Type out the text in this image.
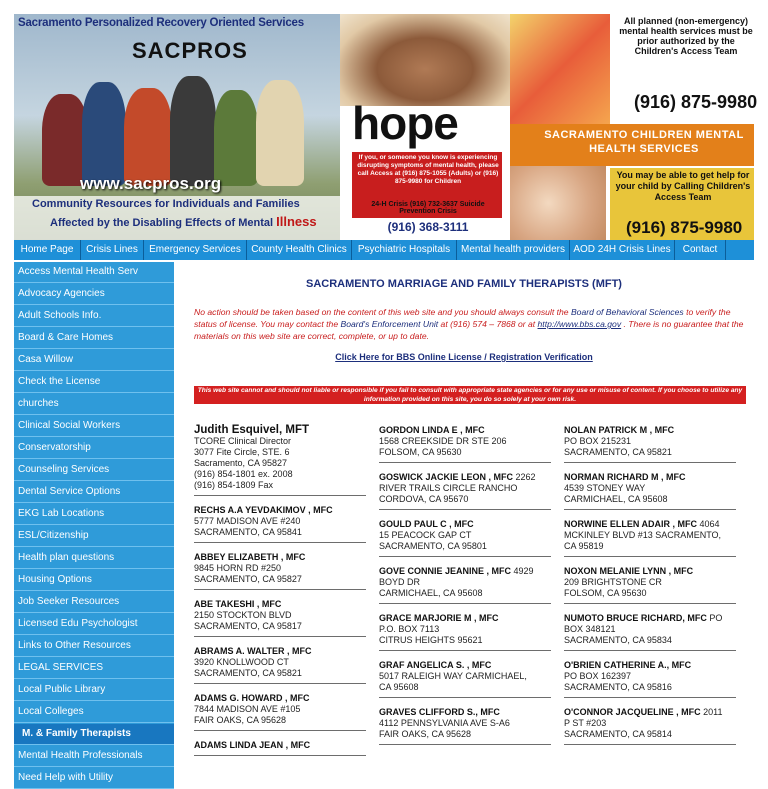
Sacramento Personalized Recovery Oriented Services
SACPROS
www.sacpros.org
Community Resources for Individuals and Families
Affected by the Disabling Effects of Mental Illness
hope
If you, or someone you know is experiencing disrupting symptoms of mental health, please call Access at (916) 875-1055 (Adults) or (916) 875-9980 for Children
24-H Crisis (916) 732-3637 Suicide Prevention Crisis
(916) 368-3111
All planned (non-emergency) mental health services must be prior authorized by the Children's Access Team
(916) 875-9980
SACRAMENTO CHILDREN MENTAL HEALTH SERVICES
You may be able to get help for your child by Calling Children's Access Team
(916) 875-9980
Home Page	Crisis Lines	Emergency Services	County Health Clinics	Psychiatric Hospitals	Mental health providers AOD 24H Crisis Lines	Contact
Access Mental Health Serv
Advocacy Agencies
Adult Schools Info.
Board & Care Homes
Casa Willow
Check the License
churches
Clinical Social Workers
Conservatorship
Counseling Services
Dental Service Options
EKG Lab Locations
ESL/Citizenship
Health plan questions
Housing Options
Job Seeker Resources
Licensed Edu Psychologist
Links to Other Resources
LEGAL SERVICES
Local Public Library
Local Colleges
M. & Family Therapists
Mental Health Professionals
Need Help with Utility
SACRAMENTO MARRIAGE AND FAMILY THERAPISTS (MFT)
No action should be taken based on the content of this web site and you should always consult the Board of Behavioral Sciences to verify the status of license. You may contact the Board's Enforcement Unit at (916) 574 – 7868 or at http://www.bbs.ca.gov . There is no guarantee that the materials on this web site are correct, complete, or up to date.
Click Here for BBS Online License / Registration Verification
This web site cannot and should not liable or responsible if you fail to consult with appropriate state agencies or for any use or misuse of content. If you choose to utilize any information provided on this site, you do so solely at your own risk.
Judith Esquivel, MFT
TCORE Clinical Director
3077 Fite Circle, STE. 6
Sacramento, CA 95827
(916) 854-1801 ex. 2008
(916) 854-1809 Fax
RECHS A.A YEVDAKIMOV , MFC
5777 MADISON AVE #240
SACRAMENTO, CA 95841
ABBEY ELIZABETH , MFC
9845 HORN RD #250
SACRAMENTO, CA 95827
ABE TAKESHI , MFC
2150 STOCKTON BLVD
SACRAMENTO, CA 95817
ABRAMS A. WALTER , MFC
3920 KNOLLWOOD CT
SACRAMENTO, CA 95821
ADAMS G. HOWARD , MFC
7844 MADISON AVE #105
FAIR OAKS, CA 95628
ADAMS LINDA JEAN , MFC
GORDON LINDA E , MFC
1568 CREEKSIDE DR STE 206
FOLSOM, CA 95630
GOSWICK JACKIE LEON , MFC 2262
RIVER TRAILS CIRCLE RANCHO
CORDOVA, CA 95670
GOULD PAUL C , MFC
15 PEACOCK GAP CT
SACRAMENTO, CA 95801
GOVE CONNIE JEANINE , MFC 4929
BOYD DR
CARMICHAEL, CA 95608
GRACE MARJORIE M , MFC
P.O. BOX 7113
CITRUS HEIGHTS 95621
GRAF ANGELICA S. , MFC
5017 RALEIGH WAY CARMICHAEL,
CA 95608
GRAVES CLIFFORD S., MFC
4112 PENNSYLVANIA AVE S-A6
FAIR OAKS, CA 95628
NOLAN PATRICK M , MFC
PO BOX 215231
SACRAMENTO, CA 95821
NORMAN RICHARD M , MFC
4539 STONEY WAY
CARMICHAEL, CA 95608
NORWINE ELLEN ADAIR , MFC 4064
MCKINLEY BLVD #13 SACRAMENTO,
CA 95819
NOXON MELANIE LYNN , MFC
209 BRIGHTSTONE CR
FOLSOM, CA 95630
NUMOTO BRUCE RICHARD, MFC PO
BOX 348121
SACRAMENTO, CA 95834
O'BRIEN CATHERINE A., MFC
PO BOX 162397
SACRAMENTO, CA 95816
O'CONNOR JACQUELINE , MFC 2011
P ST #203
SACRAMENTO, CA 95814
